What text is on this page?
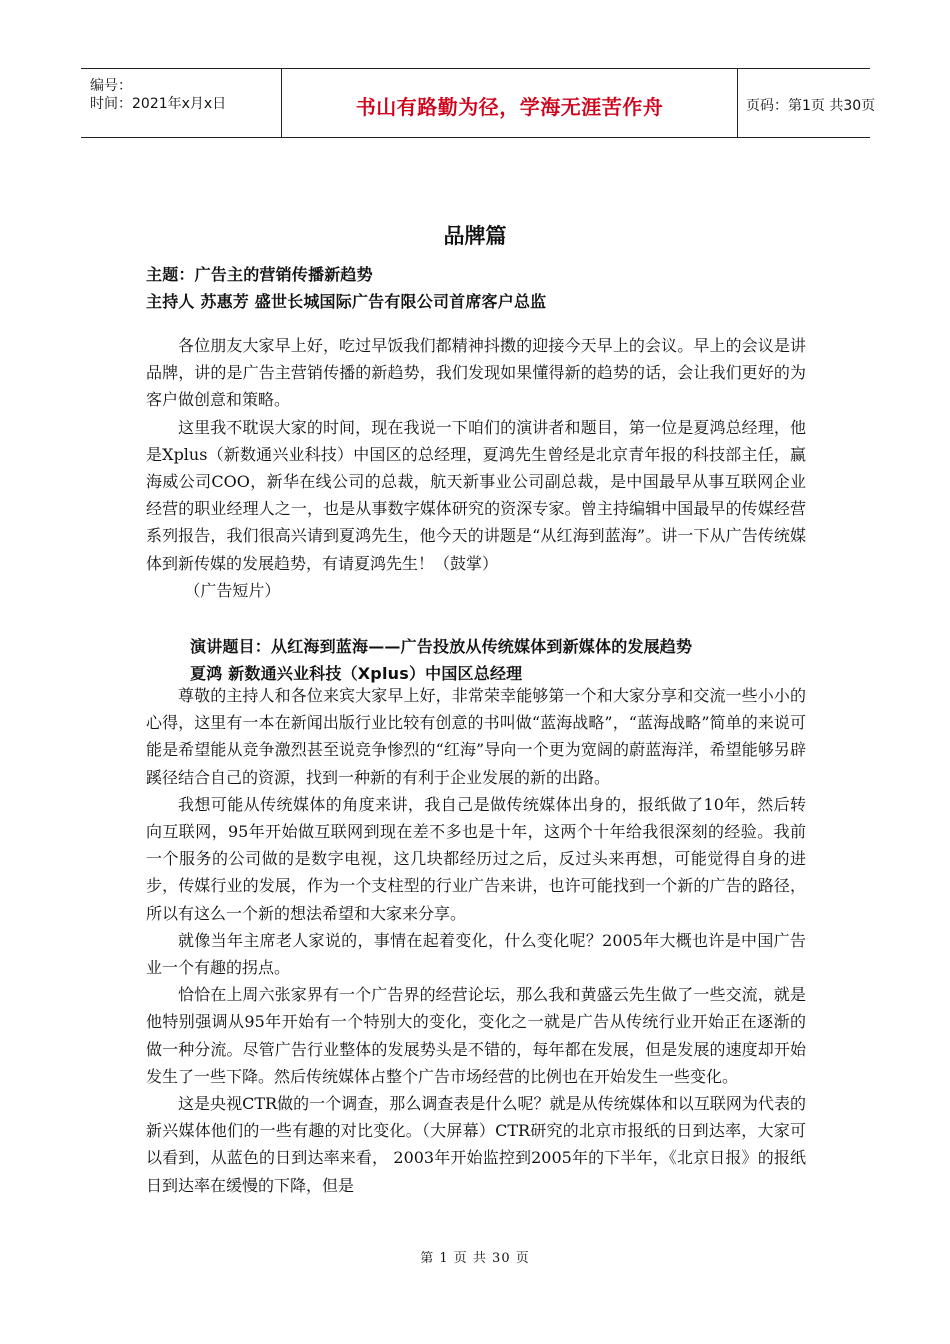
编号：
时间：2021年x月x日	书山有路勤为径，学海无涯苦作舟	页码：第1页 共30页
品牌篇
主题：广告主的营销传播新趋势
主持人 苏惠芳 盛世长城国际广告有限公司首席客户总监

各位朋友大家早上好，吃过早饭我们都精神抖擞的迎接今天早上的会议。早上的会议是讲品牌，讲的是广告主营销传播的新趋势，我们发现如果懂得新的趋势的话，会让我们更好的为客户做创意和策略。

这里我不耽误大家的时间，现在我说一下咱们的演讲者和题目，第一位是夏鸿总经理，他是Xplus（新数通兴业科技）中国区的总经理，夏鸿先生曾经是北京青年报的科技部主任，赢海威公司COO，新华在线公司的总裁，航天新事业公司副总裁，是中国最早从事互联网企业经营的职业经理人之一，也是从事数字媒体研究的资深专家。曾主持编辑中国最早的传媒经营系列报告，我们很高兴请到夏鸿先生，他今天的讲题是“从红海到蓝海”。讲一下从广告传统媒体到新传媒的发展趋势，有请夏鸿先生！（鼓掌）

（广告短片）

演讲题目：从红海到蓝海——广告投放从传统媒体到新媒体的发展趋势
夏鸿 新数通兴业科技（Xplus）中国区总经理

尊敬的主持人和各位来宾大家早上好，非常荣幸能够第一个和大家分享和交流一些小小的心得，这里有一本在新闻出版行业比较有创意的书叫做“蓝海战略”，“蓝海战略”简单的来说可能是希望能从竞争激烈甚至说竞争惨烈的“红海”导向一个更为宽阔的蔚蓝海洋，希望能够另辟蹊径结合自己的资源，找到一种新的有利于企业发展的新的出路。

我想可能从传统媒体的角度来讲，我自己是做传统媒体出身的，报纸做了10年，然后转向互联网，95年开始做互联网到现在差不多也是十年，这两个十年给我很深刻的经验。我前一个服务的公司做的是数字电视，这几块都经历过之后，反过头来再想，可能觉得自身的进步，传媒行业的发展，作为一个支柱型的行业广告来讲，也许可能找到一个新的广告的路径，所以有这么一个新的想法希望和大家来分享。

就像当年主席老人家说的，事情在起着变化，什么变化呢？2005年大概也许是中国广告业一个有趣的拐点。

恰恰在上周六张家界有一个广告界的经营论坛，那么我和黄盛云先生做了一些交流，就是他特别强调从95年开始有一个特别大的变化，变化之一就是广告从传统行业开始正在逐渐的做一种分流。尽管广告行业整体的发展势头是不错的，每年都在发展，但是发展的速度却开始发生了一些下降。然后传统媒体占整个广告市场经营的比例也在开始发生一些变化。

这是央视CTR做的一个调查，那么调查表是什么呢？就是从传统媒体和以互联网为代表的新兴媒体他们的一些有趣的对比变化。（大屏幕）CTR研究的北京市报纸的日到达率，大家可以看到，从蓝色的日到达率来看， 2003年开始监控到2005年的下半年，《北京日报》的报纸日到达率在缓慢的下降，但是

第 1 页 共 30 页
